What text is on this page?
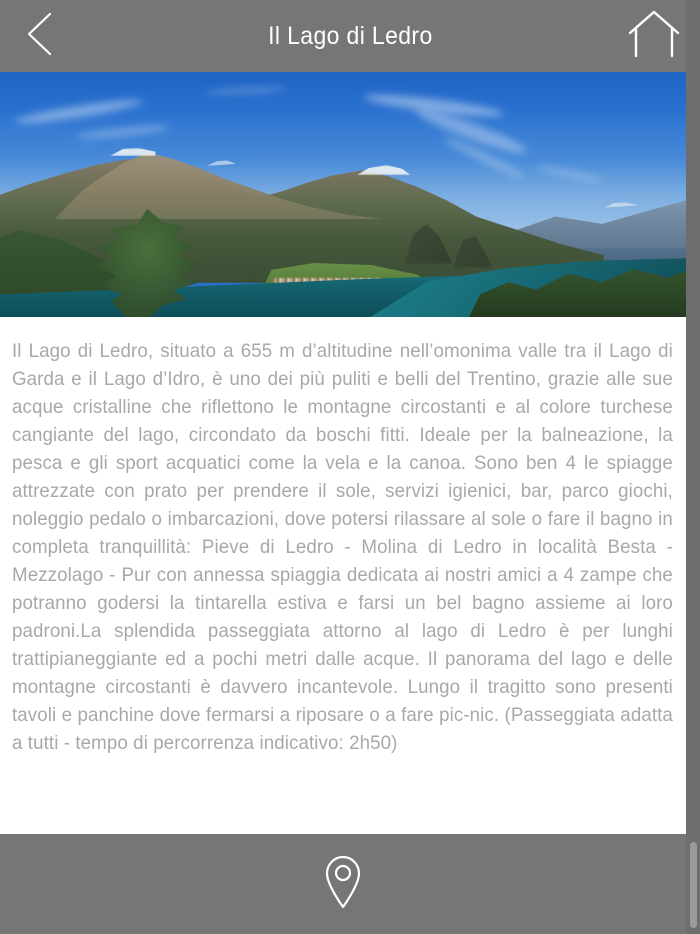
Il Lago di Ledro

Il Lago di Ledro, situato a 655 m d’altitudine nell’omonima valle tra il Lago di Garda e il Lago d’Idro, è uno dei più puliti e belli del Trentino, grazie alle sue acque cristalline che riflettono le montagne circostanti e al colore turchese cangiante del lago, circondato da boschi fitti. Ideale per la balneazione, la pesca e gli sport acquatici come la vela e la canoa. Sono ben 4 le spiagge attrezzate con prato per prendere il sole, servizi igienici, bar, parco giochi, noleggio pedalo o imbarcazioni, dove potersi rilassare al sole o fare il bagno in completa tranquillità: Pieve di Ledro - Molina di Ledro in località Besta - Mezzolago - Pur con annessa spiaggia dedicata ai nostri amici a 4 zampe che potranno godersi la tintarella estiva e farsi un bel bagno assieme ai loro padroni.La splendida passeggiata attorno al lago di Ledro è per lunghi trattipianeggiante ed a pochi metri dalle acque. Il panorama del lago e delle montagne circostanti è davvero incantevole. Lungo il tragitto sono presenti tavoli e panchine dove fermarsi a riposare o a fare pic-nic. (Passeggiata adatta a tutti - tempo di percorrenza indicativo: 2h50)
